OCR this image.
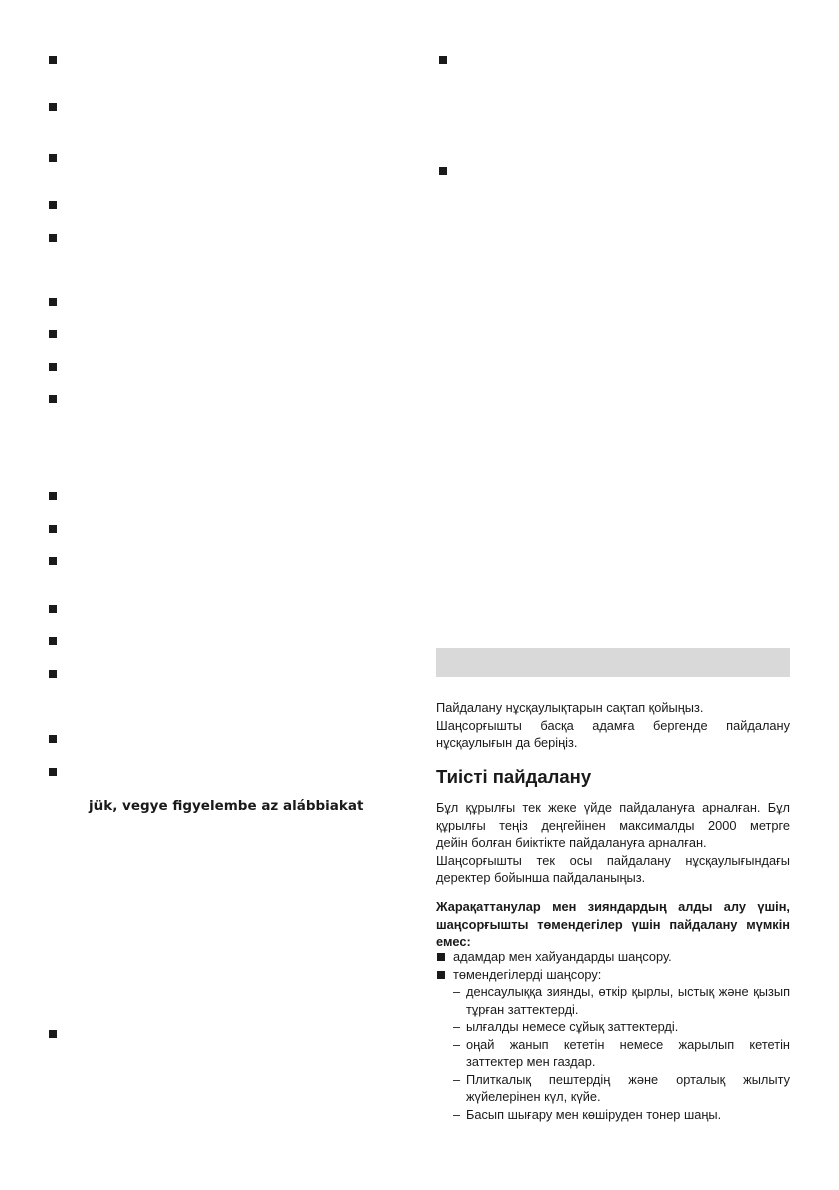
jük, vegye figyelembe az alábbiakat
Пайдалану нұсқаулықтарын сақтап қойыңыз.
Шаңсорғышты басқа адамға бергенде пайдалану
нұсқаулығын да беріңіз.
Тиісті пайдалану
Бұл құрылғы тек жеке үйде пайдалануға арналған. Бұл
құрылғы теңіз деңгейінен максималды 2000 метрге
дейін болған биіктікте пайдалануға арналған.
Шаңсорғышты тек осы пайдалану нұсқаулығындағы
деректер бойынша пайдаланыңыз.
Жарақаттанулар мен зияндардың алды алу үшін,
шаңсорғышты төмендегілер үшін пайдалану мүмкін
емес:
адамдар мен хайуандарды шаңсору.
төмендегілерді шаңсору:
– денсаулыққа зиянды, өткір қырлы, ыстық және қызып
тұрған заттектерді.
– ылғалды немесе сұйық заттектерді.
– оңай жанып кететін немесе жарылып кететін
заттектер мен газдар.
– Плиткалық пештердің және орталық жылыту
жүйелерінен күл, күйе.
– Басып шығару мен көшіруден тонер шаңы.
